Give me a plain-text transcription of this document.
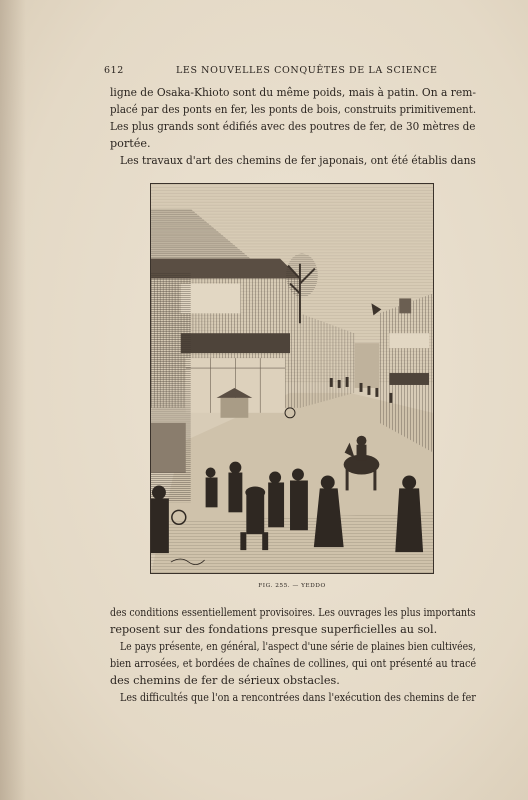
612	LES NOUVELLES CONQUÊTES DE LA SCIENCE
ligne de Osaka-Khioto sont du même poids, mais à patin. On a rem-
placé par des ponts en fer, les ponts de bois, construits primitivement.
Les plus grands sont édifiés avec des poutres de fer, de 30 mètres de
portée.
Les travaux d'art des chemins de fer japonais, ont été établis dans
FIG. 255. — YEDDO
des conditions essentiellement provisoires. Les ouvrages les plus importants
reposent sur des fondations presque superficielles au sol.
Le pays présente, en général, l'aspect d'une série de plaines bien cultivées,
bien arrosées, et bordées de chaînes de collines, qui ont présenté au tracé
des chemins de fer de sérieux obstacles.
Les difficultés que l'on a rencontrées dans l'exécution des chemins de fer
